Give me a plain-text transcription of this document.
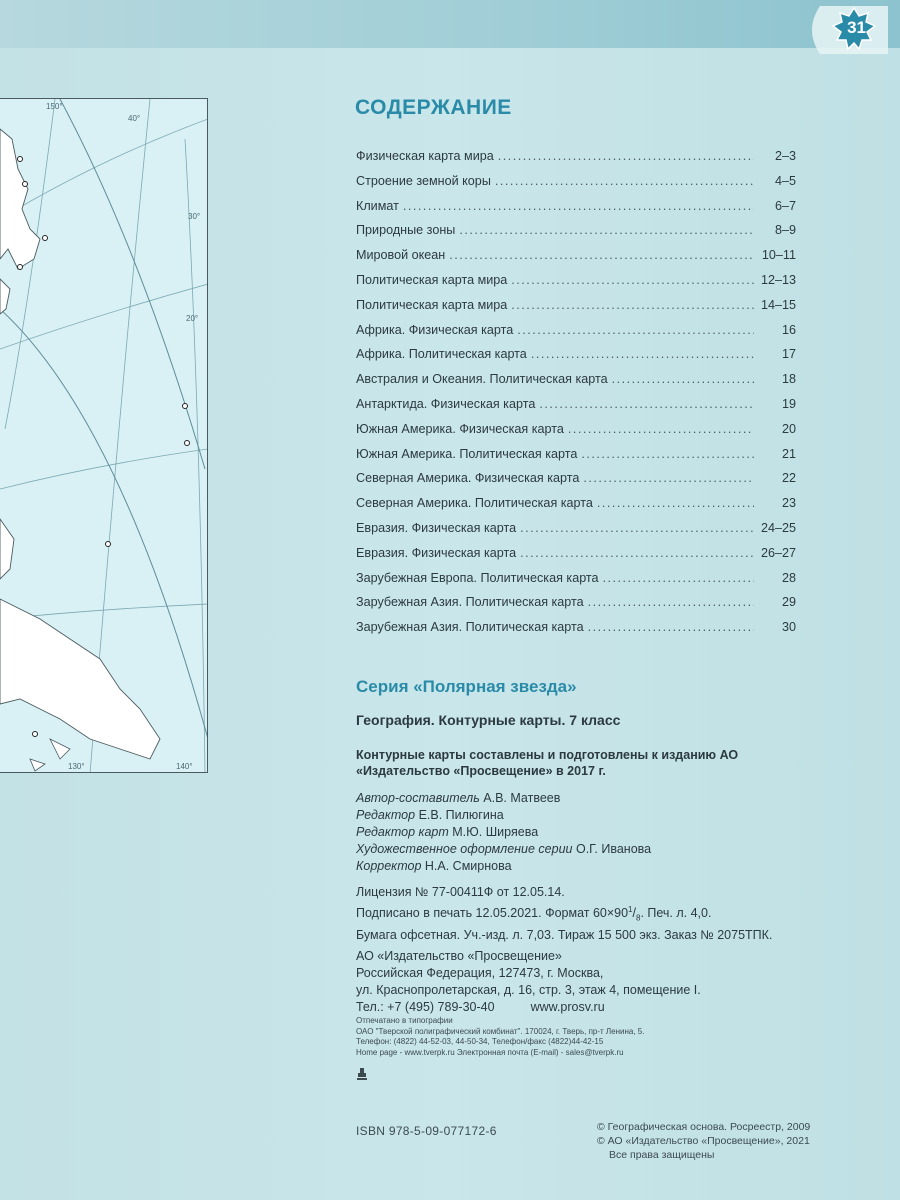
31
150°
40°
30°
20°
130°	140°
СОДЕРЖАНИЕ
Физическая карта мира .....	2–3
Строение земной коры .....	4–5
Климат .....	6–7
Природные зоны .....	8–9
Мировой океан .....	10–11
Политическая карта мира .....	12–13
Политическая карта мира .....	14–15
Африка. Физическая карта .....	16
Африка. Политическая карта .....	17
Австралия и Океания. Политическая карта .....	18
Антарктида. Физическая карта .....	19
Южная Америка. Физическая карта .....	20
Южная Америка. Политическая карта .....	21
Северная Америка. Физическая карта .....	22
Северная Америка. Политическая карта .....	23
Евразия. Физическая карта .....	24–25
Евразия. Физическая карта .....	26–27
Зарубежная Европа. Политическая карта .....	28
Зарубежная Азия. Политическая карта .....	29
Зарубежная Азия. Политическая карта .....	30
Серия «Полярная звезда»
География. Контурные карты. 7 класс
Контурные карты составлены и подготовлены к изданию АО «Издательство «Просвещение» в 2017 г.
Автор-составитель А.В. Матвеев
Редактор Е.В. Пилюгина
Редактор карт М.Ю. Ширяева
Художественное оформление серии О.Г. Иванова
Корректор Н.А. Смирнова
Лицензия № 77-00411Ф от 12.05.14.
Подписано в печать 12.05.2021. Формат $60\times 90^1/_8$. Печ. л. 4,0.
Бумага офсетная. Уч.-изд. л. 7,03. Тираж 15 500 экз. Заказ № 2075ТПК.
АО «Издательство «Просвещение»
Российская Федерация, 127473, г. Москва,
ул. Краснопролетарская, д. 16, стр. 3, этаж 4, помещение I.
Тел.: +7 (495) 789-30-40	www.prosv.ru
Отпечатано в типографии
ОАО "Тверской полиграфический комбинат". 170024, г. Тверь, пр-т Ленина, 5.
Телефон: (4822) 44-52-03, 44-50-34, Телефон/факс (4822)44-42-15
Home page - www.tverpk.ru Электронная почта (E-mail) - sales@tverpk.ru
ISBN 978-5-09-077172-6	© Географическая основа. Росреестр, 2009
© АО «Издательство «Просвещение», 2021
Все права защищены
